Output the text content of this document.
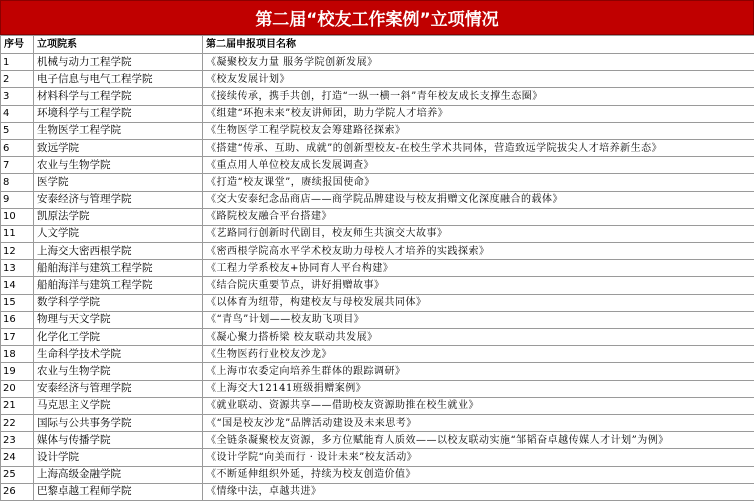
第二届“校友工作案例”立项情况
序号	立项院系	第二届申报项目名称
1	机械与动力工程学院	《凝聚校友力量 服务学院创新发展》
2	电子信息与电气工程学院	《校友发展计划》
3	材料科学与工程学院	《接续传承，携手共创，打造“一纵一横一斜”青年校友成长支撑生态圈》
4	环境科学与工程学院	《组建“环抱未来”校友讲师团，助力学院人才培养》
5	生物医学工程学院	《生物医学工程学院校友会筹建路径探索》
6	致远学院	《搭建“传承、互助、成就”的创新型校友-在校生学术共同体，营造致远学院拔尖人才培养新生态》
7	农业与生物学院	《重点用人单位校友成长发展调查》
8	医学院	《打造“校友课堂”，赓续报国使命》
9	安泰经济与管理学院	《交大安泰纪念品商店——商学院品牌建设与校友捐赠文化深度融合的载体》
10	凯原法学院	《路院校友融合平台搭建》
11	人文学院	《艺路同行创新时代剧目，校友师生共演交大故事》
12	上海交大密西根学院	《密西根学院高水平学术校友助力母校人才培养的实践探索》
13	船舶海洋与建筑工程学院	《工程力学系校友+协同育人平台构建》
14	船舶海洋与建筑工程学院	《结合院庆重要节点，讲好捐赠故事》
15	数学科学学院	《以体育为纽带，构建校友与母校发展共同体》
16	物理与天文学院	《“青鸟”计划——校友助飞项目》
17	化学化工学院	《凝心聚力搭桥梁 校友联动共发展》
18	生命科学技术学院	《生物医药行业校友沙龙》
19	农业与生物学院	《上海市农委定向培养生群体的跟踪调研》
20	安泰经济与管理学院	《上海交大12141班级捐赠案例》
21	马克思主义学院	《就业联动、资源共享——借助校友资源助推在校生就业》
22	国际与公共事务学院	《“国是校友沙龙”品牌活动建设及未来思考》
23	媒体与传播学院	《全链条凝聚校友资源，多方位赋能育人质效——以校友联动实施“邹韬奋卓越传媒人才计划”为例》
24	设计学院	《设计学院“向美而行 · 设计未来”校友活动》
25	上海高级金融学院	《不断延伸组织外延，持续为校友创造价值》
26	巴黎卓越工程师学院	《情缘中法，卓越共进》
